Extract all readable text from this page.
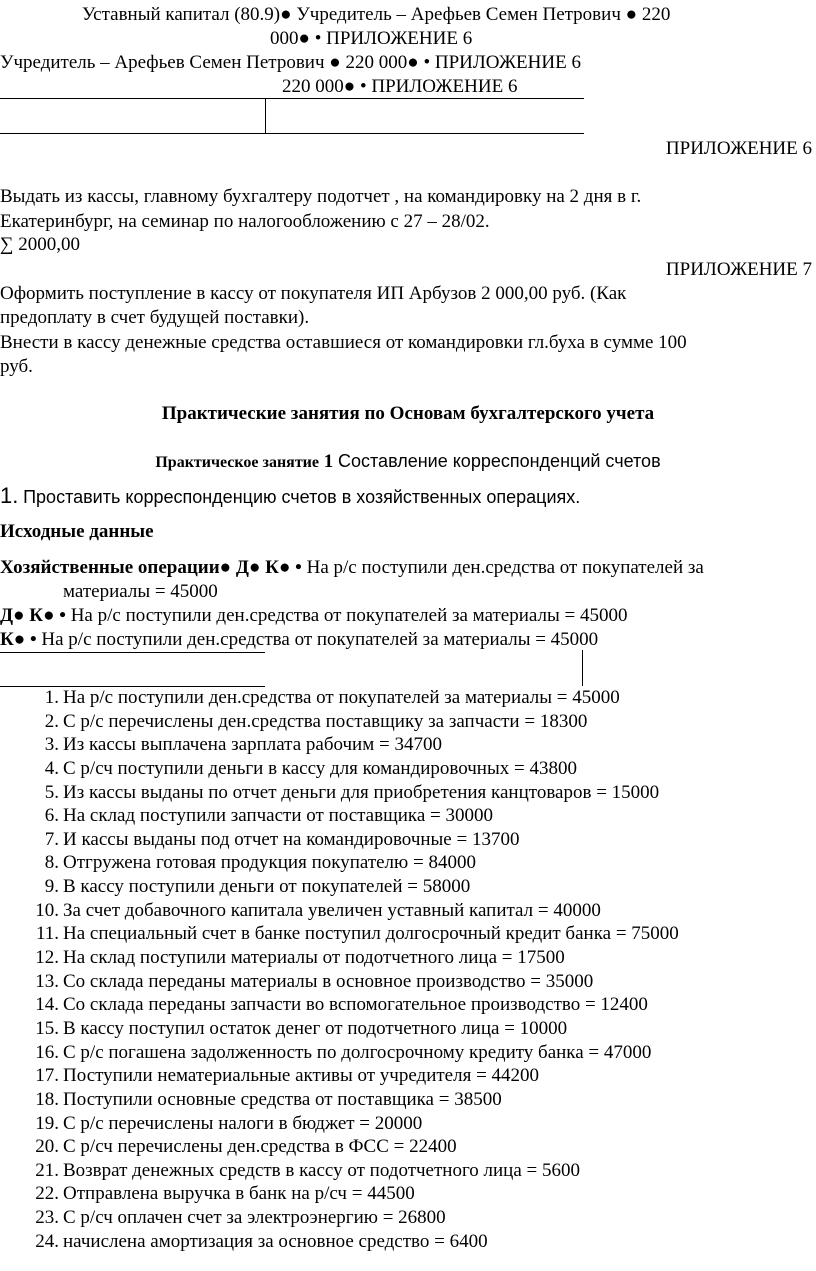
Уставный капитал (80.9)● Учредитель – Арефьев Семен Петрович ● 220
000● • ПРИЛОЖЕНИЕ 6
Учредитель – Арефьев Семен Петрович ● 220 000● • ПРИЛОЖЕНИЕ 6
220 000● • ПРИЛОЖЕНИЕ 6
ПРИЛОЖЕНИЕ 6
Выдать из кассы, главному бухгалтеру подотчет , на командировку на 2 дня в г.
Екатеринбург, на семинар по налогообложению с 27 – 28/02.
∑ 2000,00
ПРИЛОЖЕНИЕ 7
Оформить поступление в кассу от покупателя ИП Арбузов 2 000,00 руб. (Как
предоплату в счет будущей поставки).
Внести в кассу денежные средства оставшиеся от командировки гл.буха в сумме 100
руб.
Практические занятия по Основам бухгалтерского учета
Практическое занятие 1 Составление корреспонденций счетов
1. Проставить корреспонденцию счетов в хозяйственных операциях.
Исходные данные
Хозяйственные операции● Д● К● • На р/с поступили ден.средства от покупателей за
материалы = 45000
Д● К● • На р/с поступили ден.средства от покупателей за материалы = 45000
К● • На р/с поступили ден.средства от покупателей за материалы = 45000
1. На р/с поступили ден.средства от покупателей за материалы = 45000
2. С р/с перечислены ден.средства поставщику за запчасти = 18300
3. Из кассы выплачена зарплата рабочим = 34700
4. С р/сч поступили деньги в кассу для командировочных = 43800
5. Из кассы выданы по отчет деньги для приобретения канцтоваров = 15000
6. На склад поступили запчасти от поставщика = 30000
7. И кассы выданы под отчет на командировочные = 13700
8. Отгружена готовая продукция покупателю = 84000
9. В кассу поступили деньги от покупателей = 58000
10. За счет добавочного капитала увеличен уставный капитал = 40000
11. На специальный счет в банке поступил долгосрочный кредит банка = 75000
12. На склад поступили материалы от подотчетного лица = 17500
13. Со склада переданы материалы в основное производство = 35000
14. Со склада переданы запчасти во вспомогательное производство = 12400
15. В кассу поступил остаток денег от подотчетного лица = 10000
16. С р/с погашена задолженность по долгосрочному кредиту банка = 47000
17. Поступили нематериальные активы от учредителя = 44200
18. Поступили основные средства от поставщика = 38500
19. С р/с перечислены налоги в бюджет = 20000
20. С р/сч перечислены ден.средства в ФСС = 22400
21. Возврат денежных средств в кассу от подотчетного лица = 5600
22. Отправлена выручка в банк на р/сч = 44500
23. С р/сч оплачен счет за электроэнергию = 26800
24. начислена амортизация за основное средство = 6400
